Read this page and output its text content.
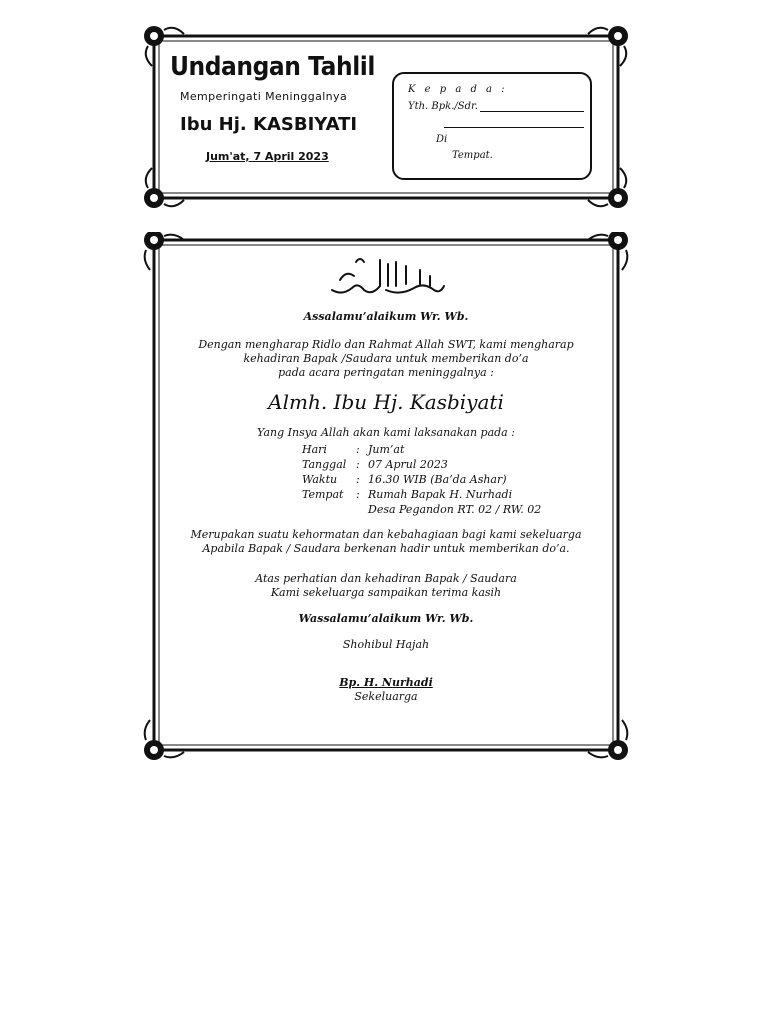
Undangan Tahlil
Memperingati Meninggalnya
Ibu Hj. KASBIYATI
Jum'at, 7 April 2023
K e p a d a :
Yth. Bpk./Sdr.
Di
Tempat.
Assalamu’alaikum Wr. Wb.
Dengan mengharap Ridlo dan Rahmat Allah SWT, kami mengharap
kehadiran Bapak /Saudara untuk memberikan do’a
pada acara peringatan meninggalnya :
Almh. Ibu Hj. Kasbiyati
Yang Insya Allah akan kami laksanakan pada :
Hari	: Jum’at
Tanggal : 07 Aprul 2023
Waktu	: 16.30 WIB (Ba’da Ashar)
Tempat	: Rumah Bapak H. Nurhadi
Desa Pegandon RT. 02 / RW. 02
Merupakan suatu kehormatan dan kebahagiaan bagi kami sekeluarga
Apabila Bapak / Saudara berkenan hadir untuk memberikan do’a.
Atas perhatian dan kehadiran Bapak / Saudara
Kami sekeluarga sampaikan terima kasih
Wassalamu’alaikum Wr. Wb.
Shohibul Hajah
Bp. H. Nurhadi
Sekeluarga
